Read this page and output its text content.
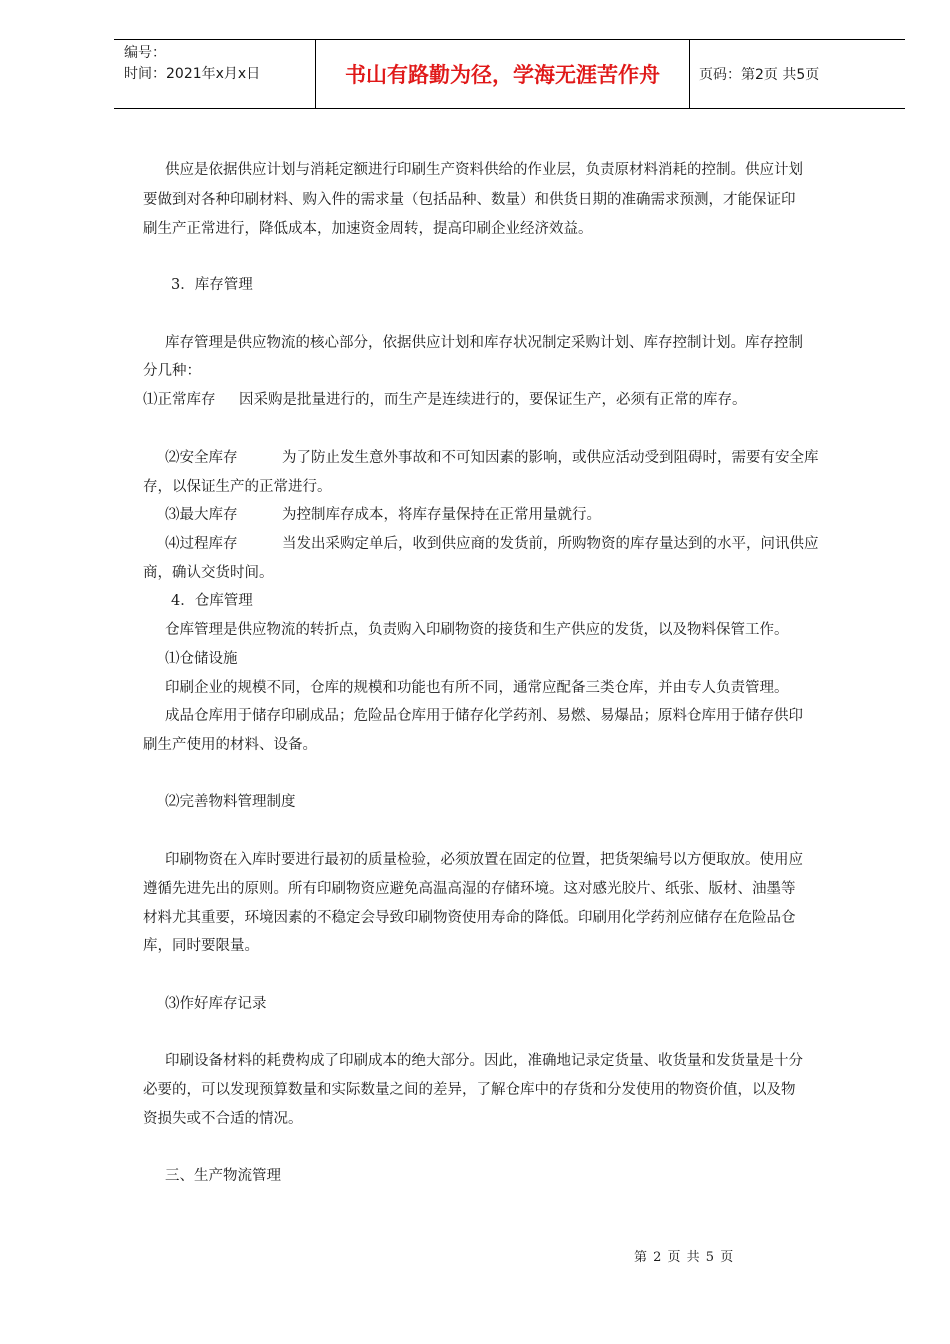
编号：
时间：2021年x月x日	书山有路勤为径，学海无涯苦作舟	页码：第2页 共5页
供应是依据供应计划与消耗定额进行印刷生产资料供给的作业层，负责原材料消耗的控制。供应计划
要做到对各种印刷材料、购入件的需求量（包括品种、数量）和供货日期的准确需求预测，才能保证印
刷生产正常进行，降低成本，加速资金周转，提高印刷企业经济效益。
3．库存管理
库存管理是供应物流的核心部分，依据供应计划和库存状况制定采购计划、库存控制计划。库存控制
分几种：
⑴正常库存 因采购是批量进行的，而生产是连续进行的，要保证生产，必须有正常的库存。
⑵安全库存	为了防止发生意外事故和不可知因素的影响，或供应活动受到阻碍时，需要有安全库
存，以保证生产的正常进行。
⑶最大库存	为控制库存成本，将库存量保持在正常用量就行。
⑷过程库存	当发出采购定单后，收到供应商的发货前，所购物资的库存量达到的水平，问讯供应
商，确认交货时间。
4．仓库管理
仓库管理是供应物流的转折点，负责购入印刷物资的接货和生产供应的发货，以及物料保管工作。
⑴仓储设施
印刷企业的规模不同，仓库的规模和功能也有所不同，通常应配备三类仓库，并由专人负责管理。
成品仓库用于储存印刷成品；危险品仓库用于储存化学药剂、易燃、易爆品；原料仓库用于储存供印
刷生产使用的材料、设备。
⑵完善物料管理制度
印刷物资在入库时要进行最初的质量检验，必须放置在固定的位置，把货架编号以方便取放。使用应
遵循先进先出的原则。所有印刷物资应避免高温高湿的存储环境。这对感光胶片、纸张、版材、油墨等
材料尤其重要，环境因素的不稳定会导致印刷物资使用寿命的降低。印刷用化学药剂应储存在危险品仓
库，同时要限量。
⑶作好库存记录
印刷设备材料的耗费构成了印刷成本的绝大部分。因此，准确地记录定货量、收货量和发货量是十分
必要的，可以发现预算数量和实际数量之间的差异，了解仓库中的存货和分发使用的物资价值，以及物
资损失或不合适的情况。
三、生产物流管理
第 2 页 共 5 页
